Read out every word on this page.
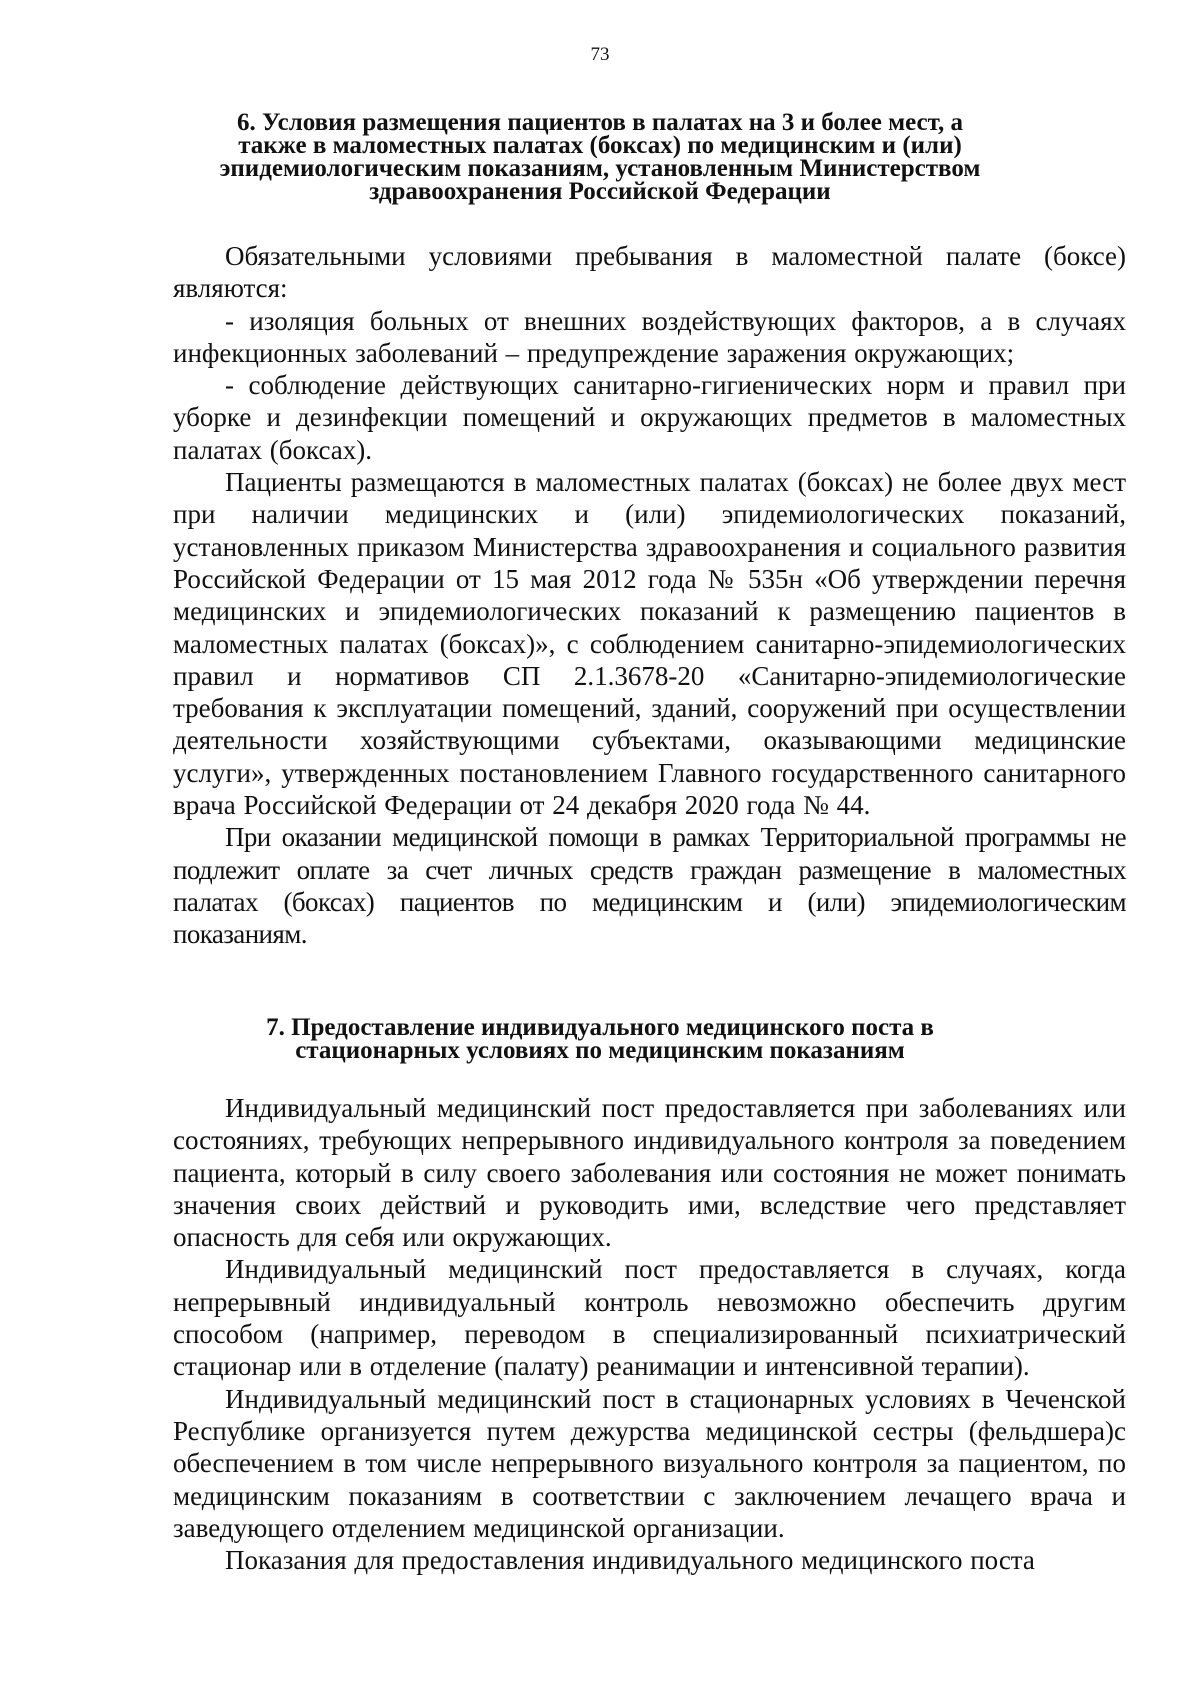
73
6. Условия размещения пациентов в палатах на 3 и более мест, а
также в маломестных палатах (боксах) по медицинским и (или)
эпидемиологическим показаниям, установленным Министерством
здравоохранения Российской Федерации

Обязательными условиями пребывания в маломестной палате (боксе) являются:

- изоляция больных от внешних воздействующих факторов, а в случаях инфекционных заболеваний – предупреждение заражения окружающих;

- соблюдение действующих санитарно-гигиенических норм и правил при уборке и дезинфекции помещений и окружающих предметов в маломестных палатах (боксах).

Пациенты размещаются в маломестных палатах (боксах) не более двух мест при наличии медицинских и (или) эпидемиологических показаний, установленных приказом Министерства здравоохранения и социального развития Российской Федерации от 15 мая 2012 года № 535н «Об утверждении перечня медицинских и эпидемиологических показаний к размещению пациентов в маломестных палатах (боксах)», с соблюдением санитарно-эпидемиологических правил и нормативов СП 2.1.3678-20 «Санитарно-эпидемиологические требования к эксплуатации помещений, зданий, сооружений при осуществлении деятельности хозяйствующими субъектами, оказывающими медицинские услуги», утвержденных постановлением Главного государственного санитарного врача Российской Федерации от 24 декабря 2020 года № 44.

При оказании медицинской помощи в рамках Территориальной программы не подлежит оплате за счет личных средств граждан размещение в маломестных палатах (боксах) пациентов по медицинским и (или) эпидемиологическим показаниям.

7. Предоставление индивидуального медицинского поста в
стационарных условиях по медицинским показаниям

Индивидуальный медицинский пост предоставляется при заболеваниях или состояниях, требующих непрерывного индивидуального контроля за поведением пациента, который в силу своего заболевания или состояния не может понимать значения своих действий и руководить ими, вследствие чего представляет опасность для себя или окружающих.

Индивидуальный медицинский пост предоставляется в случаях, когда непрерывный индивидуальный контроль невозможно обеспечить другим способом (например, переводом в специализированный психиатрический стационар или в отделение (палату) реанимации и интенсивной терапии).

Индивидуальный медицинский пост в стационарных условиях в Чеченской Республике организуется путем дежурства медицинской сестры (фельдшера)с обеспечением в том числе непрерывного визуального контроля за пациентом, по медицинским показаниям в соответствии с заключением лечащего врача и заведующего отделением медицинской организации.

Показания для предоставления индивидуального медицинского поста
